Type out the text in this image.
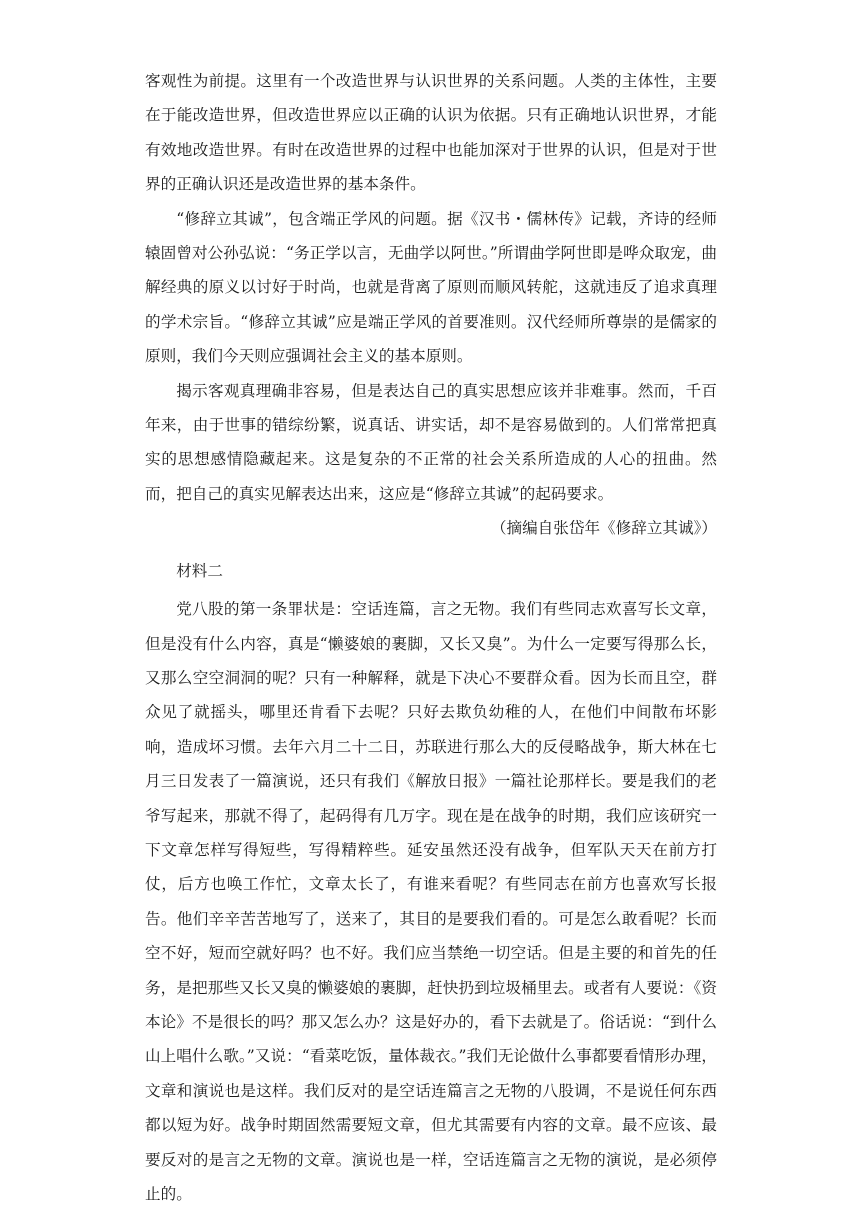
客观性为前提。这里有一个改造世界与认识世界的关系问题。人类的主体性，主要在于能改造世界，但改造世界应以正确的认识为依据。只有正确地认识世界，才能有效地改造世界。有时在改造世界的过程中也能加深对于世界的认识，但是对于世界的正确认识还是改造世界的基本条件。

“修辞立其诚”，包含端正学风的问题。据《汉书・儒林传》记载，齐诗的经师辕固曾对公孙弘说：“务正学以言，无曲学以阿世。”所谓曲学阿世即是哗众取宠，曲解经典的原义以讨好于时尚，也就是背离了原则而顺风转舵，这就违反了追求真理的学术宗旨。“修辞立其诚”应是端正学风的首要准则。汉代经师所尊崇的是儒家的原则，我们今天则应强调社会主义的基本原则。

揭示客观真理确非容易，但是表达自己的真实思想应该并非难事。然而，千百年来，由于世事的错综纷繁，说真话、讲实话，却不是容易做到的。人们常常把真实的思想感情隐藏起来。这是复杂的不正常的社会关系所造成的人心的扭曲。然而，把自己的真实见解表达出来，这应是“修辞立其诚”的起码要求。

（摘编自张岱年《修辞立其诚》）

材料二

党八股的第一条罪状是：空话连篇，言之无物。我们有些同志欢喜写长文章，但是没有什么内容，真是“懒婆娘的裹脚，又长又臭”。为什么一定要写得那么长，又那么空空洞洞的呢？只有一种解释，就是下决心不要群众看。因为长而且空，群众见了就摇头，哪里还肯看下去呢？只好去欺负幼稚的人，在他们中间散布坏影响，造成坏习惯。去年六月二十二日，苏联进行那么大的反侵略战争，斯大林在七月三日发表了一篇演说，还只有我们《解放日报》一篇社论那样长。要是我们的老爷写起来，那就不得了，起码得有几万字。现在是在战争的时期，我们应该研究一下文章怎样写得短些，写得精粹些。延安虽然还没有战争，但军队天天在前方打仗，后方也唤工作忙，文章太长了，有谁来看呢？有些同志在前方也喜欢写长报告。他们辛辛苦苦地写了，送来了，其目的是要我们看的。可是怎么敢看呢？长而空不好，短而空就好吗？也不好。我们应当禁绝一切空话。但是主要的和首先的任务，是把那些又长又臭的懒婆娘的裹脚，赶快扔到垃圾桶里去。或者有人要说：《资本论》不是很长的吗？那又怎么办？这是好办的，看下去就是了。俗话说：“到什么山上唱什么歌。”又说：“看菜吃饭，量体裁衣。”我们无论做什么事都要看情形办理，文章和演说也是这样。我们反对的是空话连篇言之无物的八股调，不是说任何东西都以短为好。战争时期固然需要短文章，但尤其需要有内容的文章。最不应该、最要反对的是言之无物的文章。演说也是一样，空话连篇言之无物的演说，是必须停止的。
